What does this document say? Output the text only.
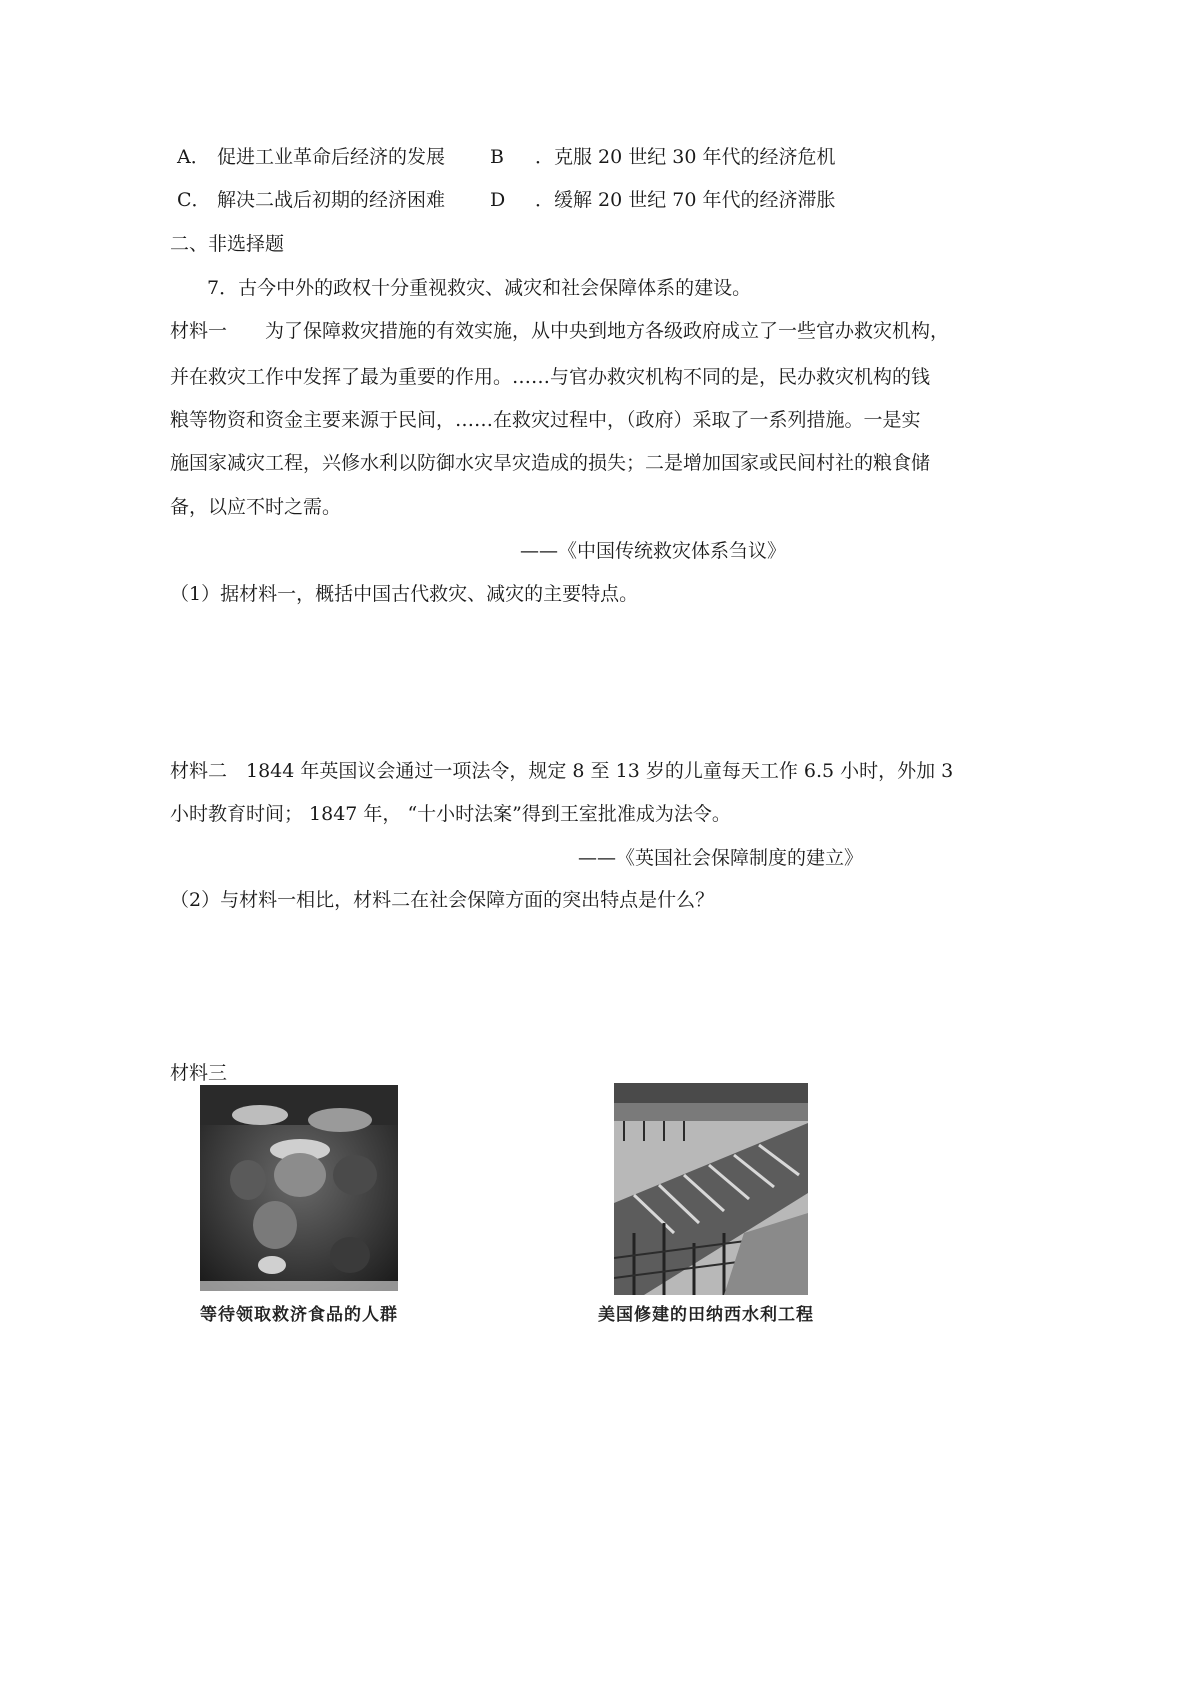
A． 促进工业革命后经济的发展 B ．克服 20 世纪 30 年代的经济危机
C． 解决二战后初期的经济困难 D ．缓解 20 世纪 70 年代的经济滞胀
二、非选择题
7．古今中外的政权十分重视救灾、减灾和社会保障体系的建设。
材料一　　为了保障救灾措施的有效实施，从中央到地方各级政府成立了一些官办救灾机构，
并在救灾工作中发挥了最为重要的作用。……与官办救灾机构不同的是，民办救灾机构的钱
粮等物资和资金主要来源于民间，……在救灾过程中，（政府）采取了一系列措施。一是实
施国家减灾工程，兴修水利以防御水灾旱灾造成的损失；二是增加国家或民间村社的粮食储
备，以应不时之需。
——《中国传统救灾体系刍议》
（1）据材料一，概括中国古代救灾、减灾的主要特点。
材料二　1844 年英国议会通过一项法令，规定 8 至 13 岁的儿童每天工作 6.5 小时，外加 3
小时教育时间； 1847 年， “十小时法案”得到王室批准成为法令。
——《英国社会保障制度的建立》
（2）与材料一相比，材料二在社会保障方面的突出特点是什么？
材料三
等待领取救济食品的人群	美国修建的田纳西水利工程
